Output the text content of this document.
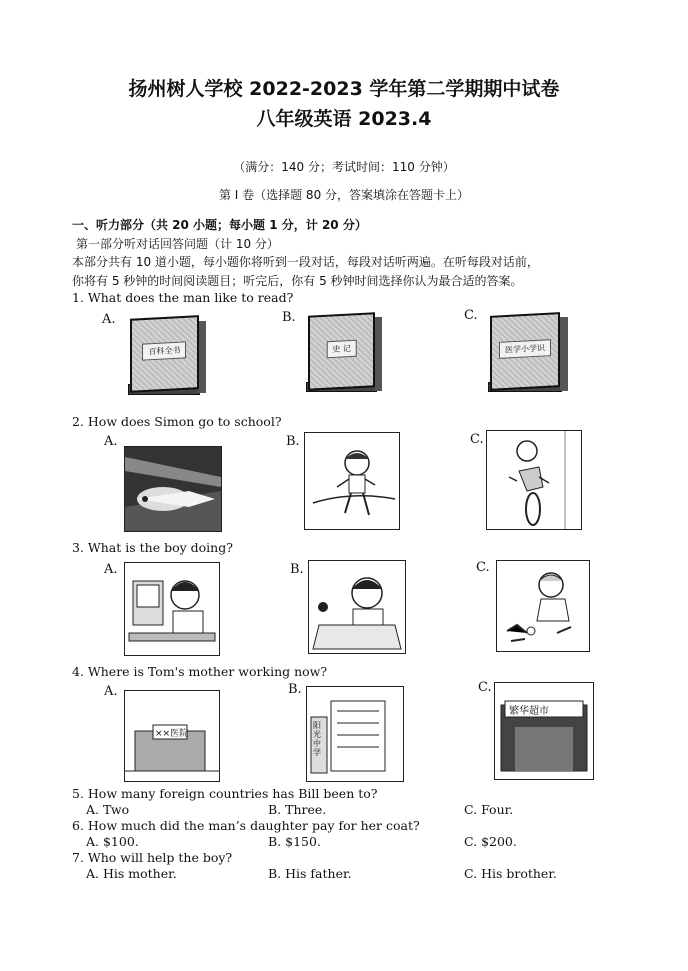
扬州树人学校 2022-2023 学年第二学期期中试卷
八年级英语 2023.4
（满分：140 分；考试时间：110 分钟）
第 I 卷（选择题 80 分，答案填涂在答题卡上）
一、听力部分（共 20 小题；每小题 1 分，计 20 分）
第一部分听对话回答问题（计 10 分）
本部分共有 10 道小题，每小题你将听到一段对话，每段对话听两遍。在听每段对话前，
你将有 5 秒钟的时间阅读题目；听完后，你有 5 秒钟时间选择你认为最合适的答案。
1. What does the man like to read?
A.	B.	C.
百科全书	史 记	医学小学识
2. How does Simon go to school?
A.	B.	C.
3. What is the boy doing?
A.	B.	C.
4. Where is Tom's mother working now?
A.	B.	C.
××医院
阳光中学
繁华超市
5. How many foreign countries has Bill been to?
A. Two	B. Three.	C. Four.
6. How much did the man’s daughter pay for her coat?
A. $100.	B. $150.	C. $200.
7. Who will help the boy?
A. His mother.	B. His father.	C. His brother.
